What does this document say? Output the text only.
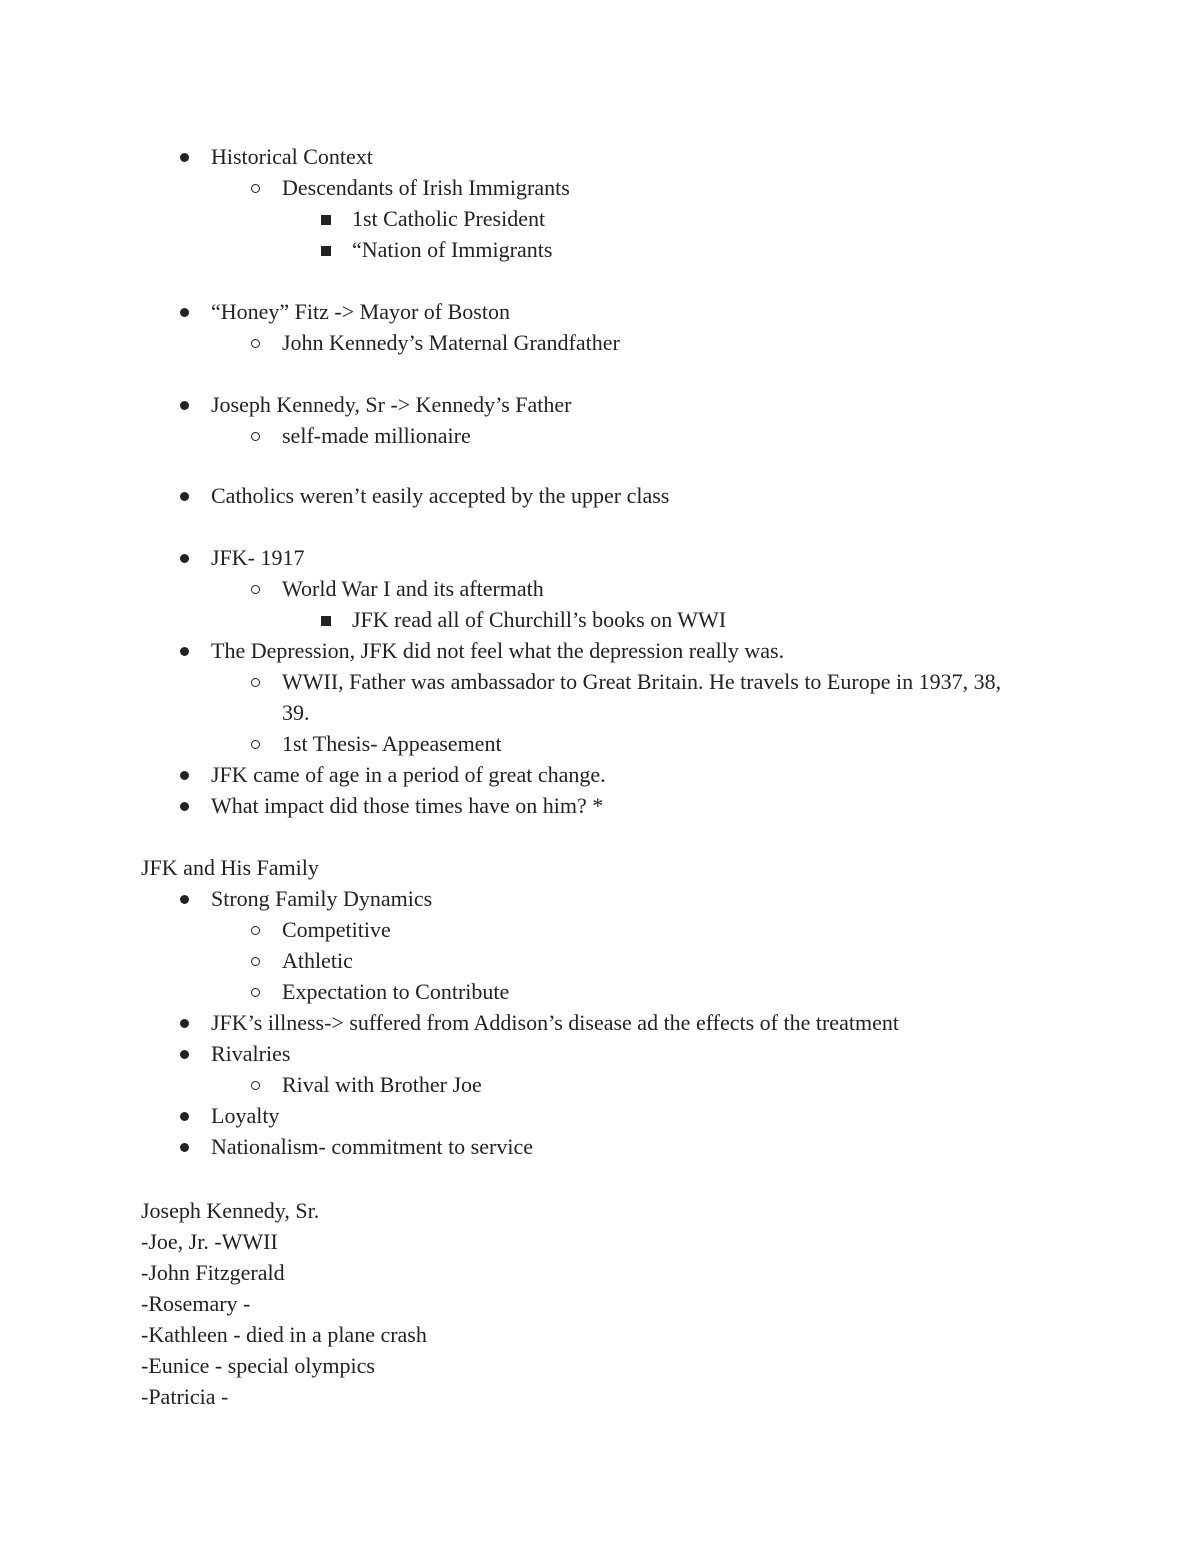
Historical Context
Descendants of Irish Immigrants
1st Catholic President
“Nation of Immigrants
“Honey” Fitz -> Mayor of Boston
John Kennedy’s Maternal Grandfather
Joseph Kennedy, Sr -> Kennedy’s Father
self-made millionaire
Catholics weren’t easily accepted by the upper class
JFK- 1917
World War I and its aftermath
JFK read all of Churchill’s books on WWI
The Depression, JFK did not feel what the depression really was.
WWII, Father was ambassador to Great Britain. He travels to Europe in 1937, 38,
39.
1st Thesis- Appeasement
JFK came of age in a period of great change.
What impact did those times have on him? *
JFK and His Family
Strong Family Dynamics
Competitive
Athletic
Expectation to Contribute
JFK’s illness-> suffered from Addison’s disease ad the effects of the treatment
Rivalries
Rival with Brother Joe
Loyalty
Nationalism- commitment to service
Joseph Kennedy, Sr.
-Joe, Jr. -WWII
-John Fitzgerald
-Rosemary -
-Kathleen - died in a plane crash
-Eunice - special olympics
-Patricia -
